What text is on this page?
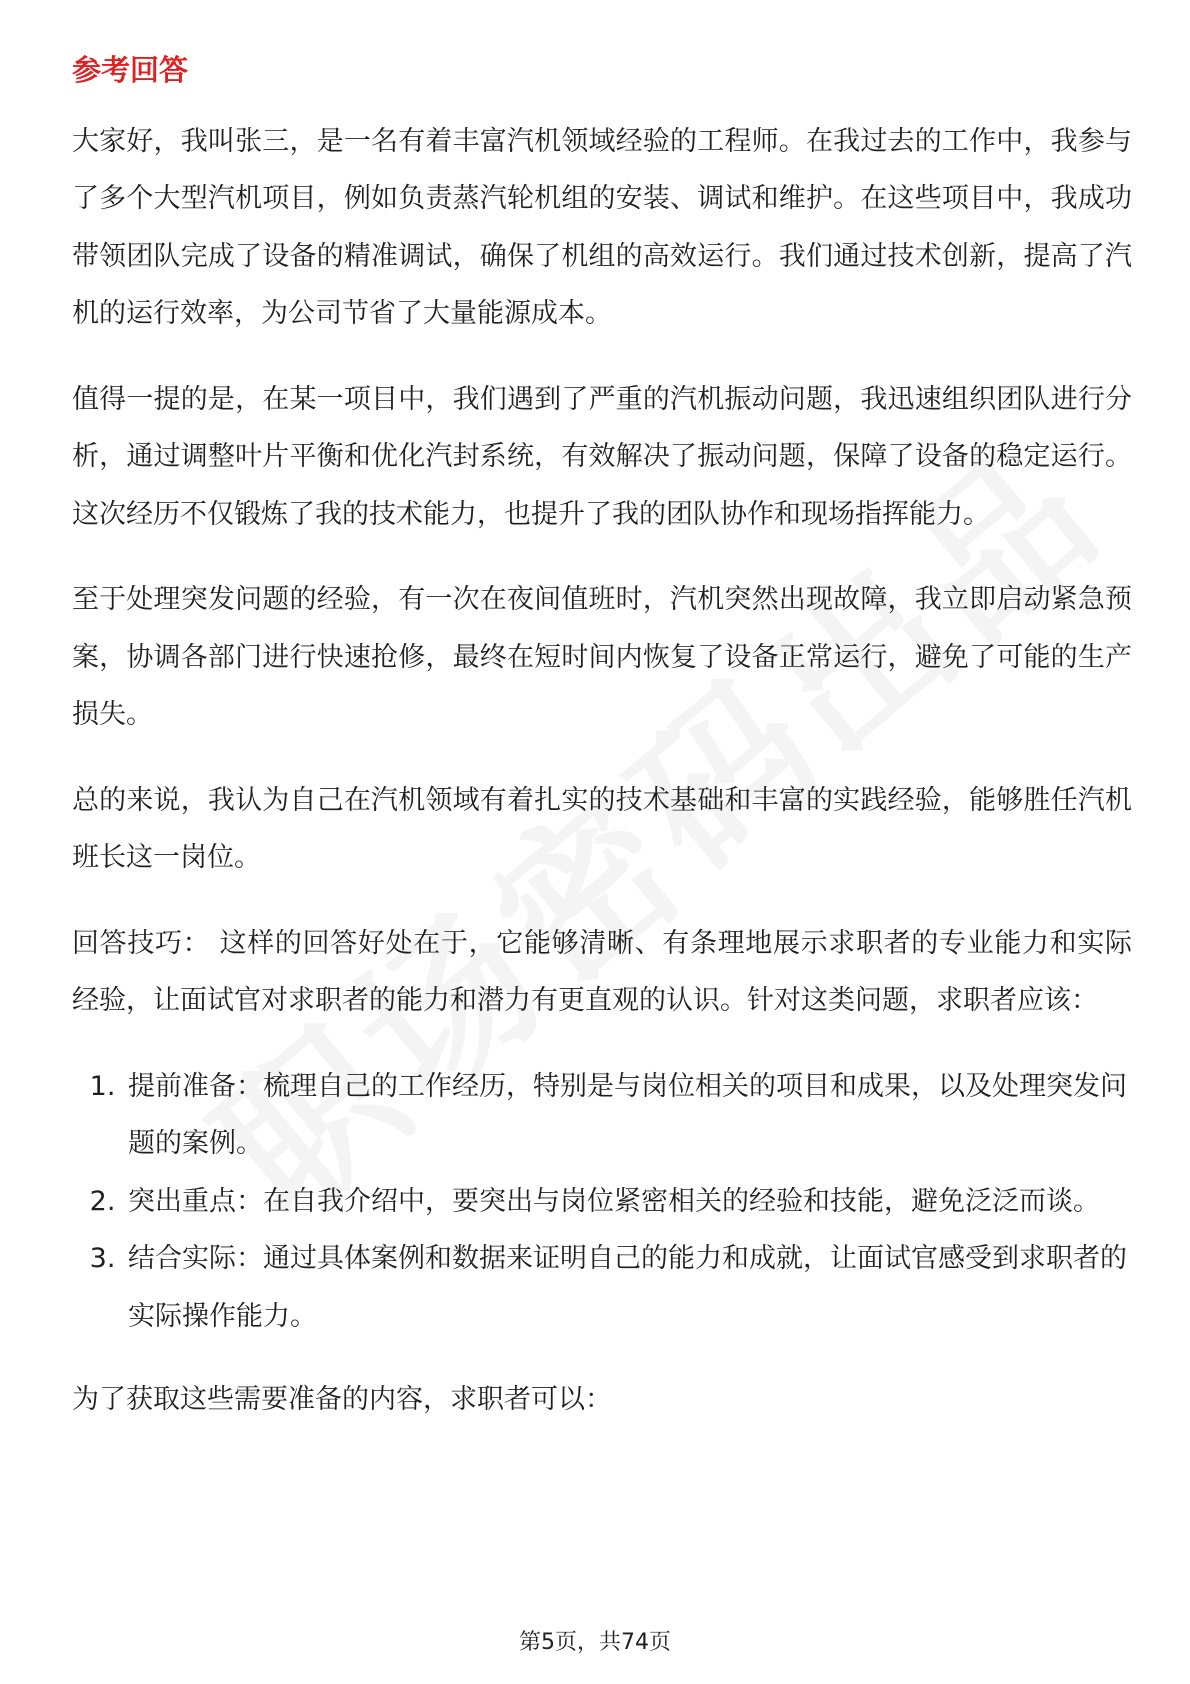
参考回答

大家好，我叫张三，是一名有着丰富汽机领域经验的工程师。在我过去的工作中，我参与了多个大型汽机项目，例如负责蒸汽轮机组的安装、调试和维护。在这些项目中，我成功带领团队完成了设备的精准调试，确保了机组的高效运行。我们通过技术创新，提高了汽机的运行效率，为公司节省了大量能源成本。

值得一提的是，在某一项目中，我们遇到了严重的汽机振动问题，我迅速组织团队进行分析，通过调整叶片平衡和优化汽封系统，有效解决了振动问题，保障了设备的稳定运行。这次经历不仅锻炼了我的技术能力，也提升了我的团队协作和现场指挥能力。

至于处理突发问题的经验，有一次在夜间值班时，汽机突然出现故障，我立即启动紧急预案，协调各部门进行快速抢修，最终在短时间内恢复了设备正常运行，避免了可能的生产损失。

总的来说，我认为自己在汽机领域有着扎实的技术基础和丰富的实践经验，能够胜任汽机班长这一岗位。

回答技巧： 这样的回答好处在于，它能够清晰、有条理地展示求职者的专业能力和实际经验，让面试官对求职者的能力和潜力有更直观的认识。针对这类问题，求职者应该：

1. 提前准备：梳理自己的工作经历，特别是与岗位相关的项目和成果，以及处理突发问题的案例。
2. 突出重点：在自我介绍中，要突出与岗位紧密相关的经验和技能，避免泛泛而谈。
3. 结合实际：通过具体案例和数据来证明自己的能力和成就，让面试官感受到求职者的实际操作能力。

为了获取这些需要准备的内容，求职者可以：

第5页，共74页
